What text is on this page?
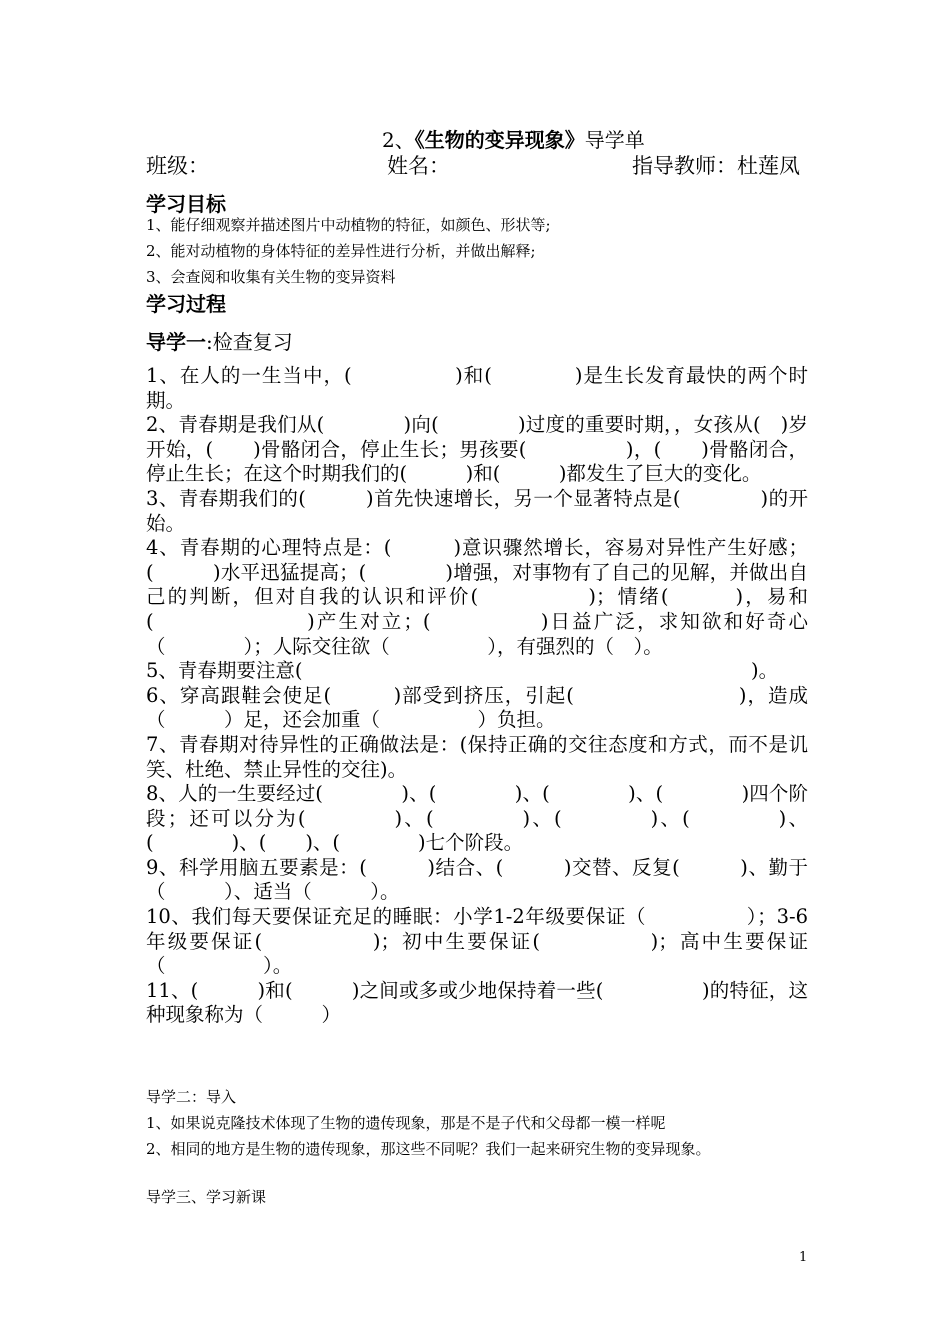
2、《生物的变异现象》导学单
班级：	姓名：	指导教师：杜莲凤
学习目标
1、能仔细观察并描述图片中动植物的特征，如颜色、形状等;
2、能对动植物的身体特征的差异性进行分析，并做出解释;
3、会查阅和收集有关生物的变异资料
学习过程
导学一:检查复习

1、在人的一生当中，(　　　　　)和(　　　　)是生长发育最快的两个时期。

2、青春期是我们从(　　　　)向(　　　　)过度的重要时期，，女孩从(　)岁开始，(　　)骨骼闭合，停止生长；男孩要(　　　　　)，(　　)骨骼闭合，停止生长；在这个时期我们的(　　　)和(　　　)都发生了巨大的变化。

3、青春期我们的(　　　)首先快速增长，另一个显著特点是(　　　　)的开始。

4、青春期的心理特点是：(　　　)意识骤然增长，容易对异性产生好感；(　　　)水平迅猛提高；(　　　　)增强，对事物有了自己的见解，并做出自己的判断，但对自我的认识和评价(　　　　　)；情绪(　　　)，易和(　　　　　　　)产生对立；(　　　　　)日益广泛，求知欲和好奇心（　　　　）；人际交往欲（　　　　　），有强烈的（　）。

5、青春期要注意(　　　　　　　　　　　　　　　　　　　　　　　)。

6、穿高跟鞋会使足(　　　)部受到挤压，引起(　　　　　　　　)，造成（　　　）足，还会加重（　　　　　）负担。

7、青春期对待异性的正确做法是：(保持正确的交往态度和方式，而不是讥笑、杜绝、禁止异性的交往)。

8、人的一生要经过(　　　　)、(　　　　)、(　　　　)、(　　　　)四个阶段；还可以分为(　　　　)、(　　　　)、(　　　　)、(　　　　)、(　　　　)、(　　)、(　　　　)七个阶段。

9、科学用脑五要素是：(　　　)结合、(　　　)交替、反复(　　　)、勤于（　　　）、适当（　　　）。

10、我们每天要保证充足的睡眠：小学1-2年级要保证（　　　　　）；3-6年级要保证(　　　　　)；初中生要保证(　　　　　)；高中生要保证（　　　　　）。

11、(　　　)和(　　　)之间或多或少地保持着一些(　　　　　)的特征，这种现象称为（　　　）

导学二：导入
1、如果说克隆技术体现了生物的遗传现象，那是不是子代和父母都一模一样呢
2、相同的地方是生物的遗传现象，那这些不同呢？我们一起来研究生物的变异现象。
导学三、学习新课
1
